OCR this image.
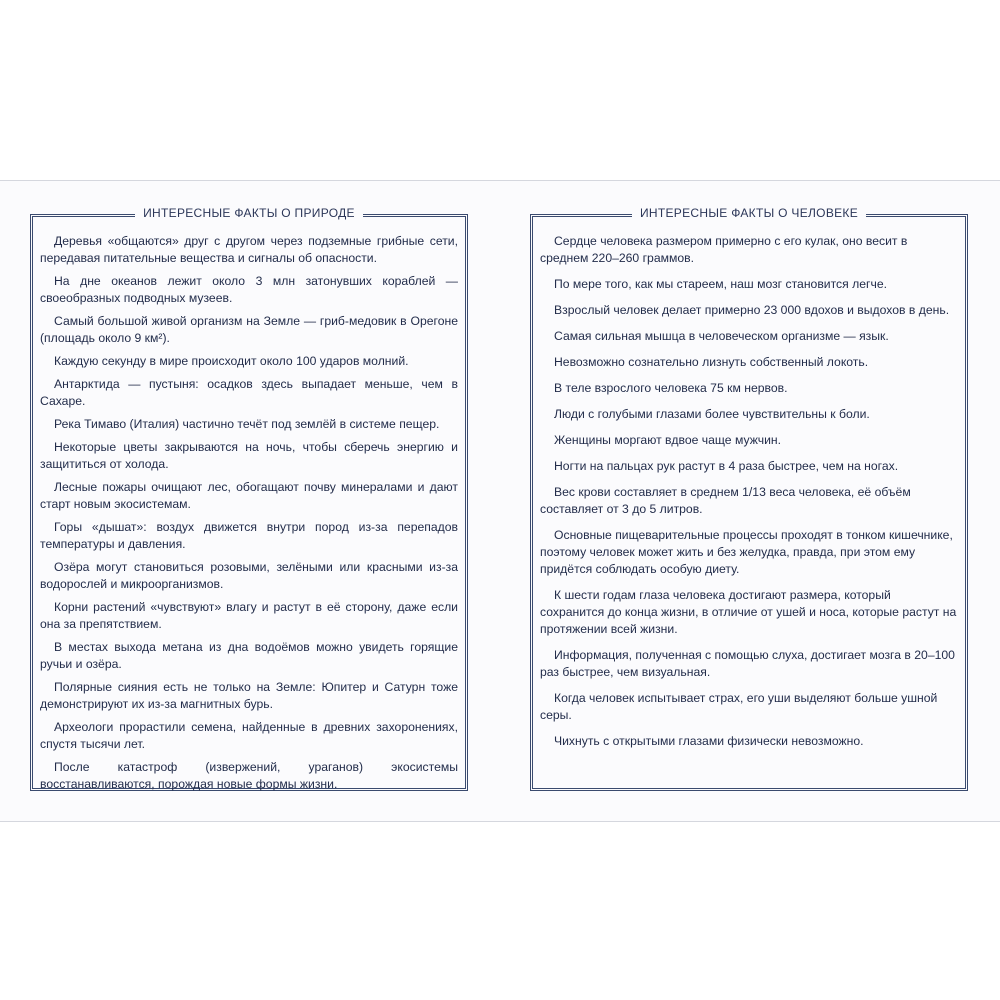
ИНТЕРЕСНЫЕ ФАКТЫ О ПРИРОДЕ

Деревья «общаются» друг с другом через подземные грибные сети, передавая питательные вещества и сигналы об опасности.

На дне океанов лежит около 3 млн затонувших кораблей — своеобразных подводных музеев.

Самый большой живой организм на Земле — гриб-медовик в Орегоне (площадь около 9 км²).

Каждую секунду в мире происходит около 100 ударов молний.

Антарктида — пустыня: осадков здесь выпадает меньше, чем в Сахаре.

Река Тимаво (Италия) частично течёт под землёй в системе пещер.

Некоторые цветы закрываются на ночь, чтобы сберечь энергию и защититься от холода.

Лесные пожары очищают лес, обогащают почву минералами и дают старт новым экосистемам.

Горы «дышат»: воздух движется внутри пород из-за перепадов температуры и давления.

Озёра могут становиться розовыми, зелёными или красными из-за водорослей и микроорганизмов.

Корни растений «чувствуют» влагу и растут в её сторону, даже если она за препятствием.

В местах выхода метана из дна водоёмов можно увидеть горящие ручьи и озёра.

Полярные сияния есть не только на Земле: Юпитер и Сатурн тоже демонстрируют их из-за магнитных бурь.

Археологи прорастили семена, найденные в древних захоронениях, спустя тысячи лет.

После катастроф (извержений, ураганов) экосистемы восстанавливаются, порождая новые формы жизни.

ИНТЕРЕСНЫЕ ФАКТЫ О ЧЕЛОВЕКЕ

Сердце человека размером примерно с его кулак, оно весит в среднем 220–260 граммов.

По мере того, как мы стареем, наш мозг становится легче.

Взрослый человек делает примерно 23 000 вдохов и выдохов в день.

Самая сильная мышца в человеческом организме — язык.

Невозможно сознательно лизнуть собственный локоть.

В теле взрослого человека 75 км нервов.

Люди с голубыми глазами более чувствительны к боли.

Женщины моргают вдвое чаще мужчин.

Ногти на пальцах рук растут в 4 раза быстрее, чем на ногах.

Вес крови составляет в среднем 1/13 веса человека, её объём составляет от 3 до 5 литров.

Основные пищеварительные процессы проходят в тонком кишечнике, поэтому человек может жить и без желудка, правда, при этом ему придётся соблюдать особую диету.

К шести годам глаза человека достигают размера, который сохранится до конца жизни, в отличие от ушей и носа, которые растут на протяжении всей жизни.

Информация, полученная с помощью слуха, достигает мозга в 20–100 раз быстрее, чем визуальная.

Когда человек испытывает страх, его уши выделяют больше ушной серы.

Чихнуть с открытыми глазами физически невозможно.
